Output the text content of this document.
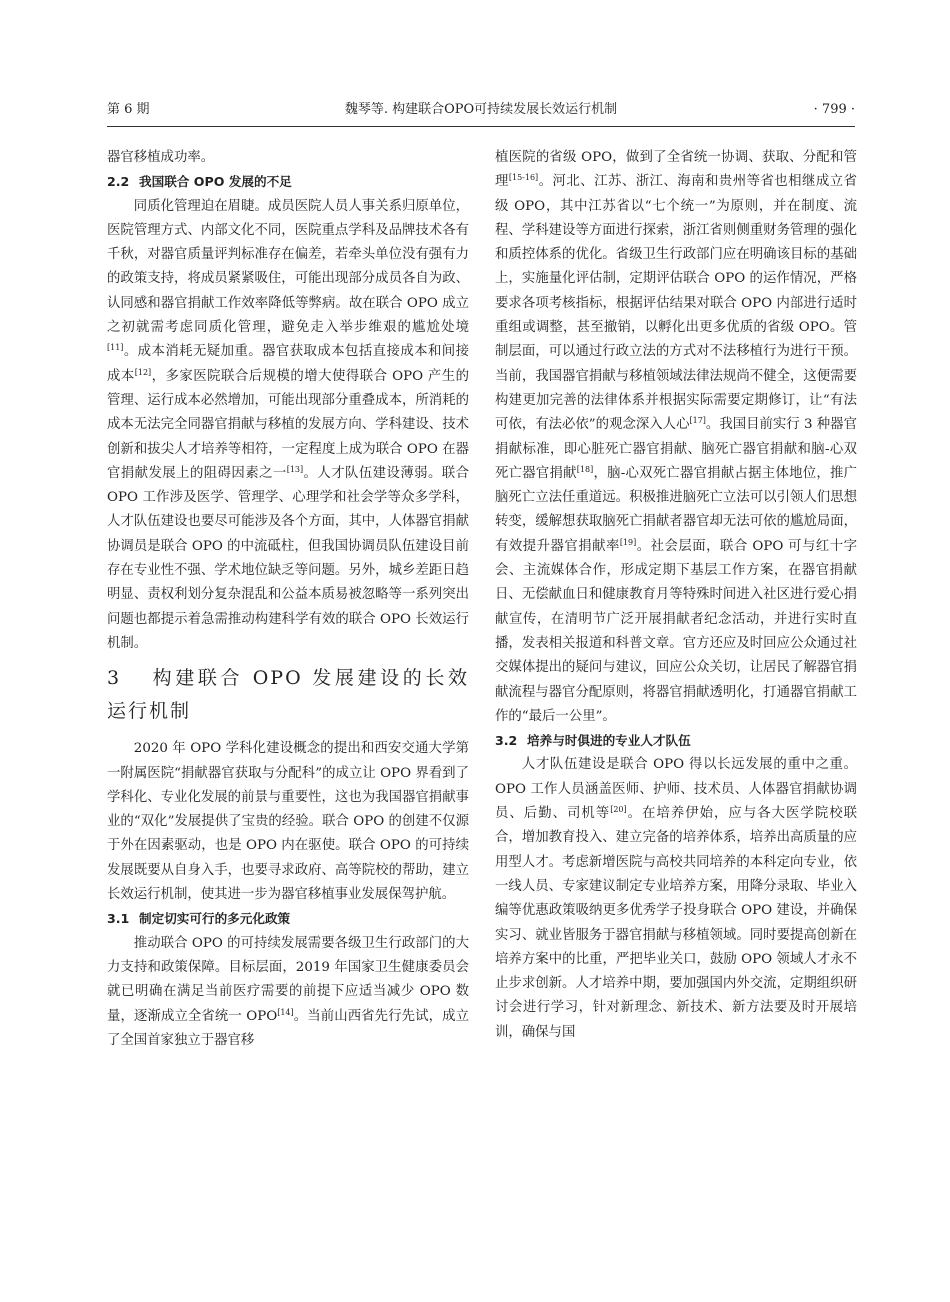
第 6 期	魏琴等. 构建联合OPO可持续发展长效运行机制	· 799 ·

器官移植成功率。

2.2 我国联合 OPO 发展的不足

同质化管理迫在眉睫。成员医院人员人事关系归原单位，医院管理方式、内部文化不同，医院重点学科及品牌技术各有千秋，对器官质量评判标准存在偏差，若牵头单位没有强有力的政策支持，将成员紧紧吸住，可能出现部分成员各自为政、认同感和器官捐献工作效率降低等弊病。故在联合 OPO 成立之初就需考虑同质化管理，避免走入举步维艰的尴尬处境[11]。成本消耗无疑加重。器官获取成本包括直接成本和间接成本[12]，多家医院联合后规模的增大使得联合 OPO 产生的管理、运行成本必然增加，可能出现部分重叠成本，所消耗的成本无法完全同器官捐献与移植的发展方向、学科建设、技术创新和拔尖人才培养等相符，一定程度上成为联合 OPO 在器官捐献发展上的阻碍因素之一[13]。人才队伍建设薄弱。联合 OPO 工作涉及医学、管理学、心理学和社会学等众多学科，人才队伍建设也要尽可能涉及各个方面，其中，人体器官捐献协调员是联合 OPO 的中流砥柱，但我国协调员队伍建设目前存在专业性不强、学术地位缺乏等问题。另外，城乡差距日趋明显、责权利划分复杂混乱和公益本质易被忽略等一系列突出问题也都提示着急需推动构建科学有效的联合 OPO 长效运行机制。

3 构建联合 OPO 发展建设的长效运行机制

2020 年 OPO 学科化建设概念的提出和西安交通大学第一附属医院“捐献器官获取与分配科”的成立让 OPO 界看到了学科化、专业化发展的前景与重要性，这也为我国器官捐献事业的“双化”发展提供了宝贵的经验。联合 OPO 的创建不仅源于外在因素驱动，也是 OPO 内在驱使。联合 OPO 的可持续发展既要从自身入手，也要寻求政府、高等院校的帮助，建立长效运行机制，使其进一步为器官移植事业发展保驾护航。

3.1 制定切实可行的多元化政策

推动联合 OPO 的可持续发展需要各级卫生行政部门的大力支持和政策保障。目标层面，2019 年国家卫生健康委员会就已明确在满足当前医疗需要的前提下应适当减少 OPO 数量，逐渐成立全省统一 OPO[14]。当前山西省先行先试，成立了全国首家独立于器官移

植医院的省级 OPO，做到了全省统一协调、获取、分配和管理[15-16]。河北、江苏、浙江、海南和贵州等省也相继成立省级 OPO，其中江苏省以“七个统一”为原则，并在制度、流程、学科建设等方面进行探索，浙江省则侧重财务管理的强化和质控体系的优化。省级卫生行政部门应在明确该目标的基础上，实施量化评估制，定期评估联合 OPO 的运作情况，严格要求各项考核指标，根据评估结果对联合 OPO 内部进行适时重组或调整，甚至撤销，以孵化出更多优质的省级 OPO。管制层面，可以通过行政立法的方式对不法移植行为进行干预。当前，我国器官捐献与移植领域法律法规尚不健全，这便需要构建更加完善的法律体系并根据实际需要定期修订，让“有法可依，有法必依”的观念深入人心[17]。我国目前实行 3 种器官捐献标准，即心脏死亡器官捐献、脑死亡器官捐献和脑-心双死亡器官捐献[18]，脑-心双死亡器官捐献占据主体地位，推广脑死亡立法任重道远。积极推进脑死亡立法可以引领人们思想转变，缓解想获取脑死亡捐献者器官却无法可依的尴尬局面，有效提升器官捐献率[19]。社会层面，联合 OPO 可与红十字会、主流媒体合作，形成定期下基层工作方案，在器官捐献日、无偿献血日和健康教育月等特殊时间进入社区进行爱心捐献宣传，在清明节广泛开展捐献者纪念活动，并进行实时直播，发表相关报道和科普文章。官方还应及时回应公众通过社交媒体提出的疑问与建议，回应公众关切，让居民了解器官捐献流程与器官分配原则，将器官捐献透明化，打通器官捐献工作的“最后一公里”。

3.2 培养与时俱进的专业人才队伍

人才队伍建设是联合 OPO 得以长远发展的重中之重。OPO 工作人员涵盖医师、护师、技术员、人体器官捐献协调员、后勤、司机等[20]。在培养伊始，应与各大医学院校联合，增加教育投入、建立完备的培养体系，培养出高质量的应用型人才。考虑新增医院与高校共同培养的本科定向专业，依一线人员、专家建议制定专业培养方案，用降分录取、毕业入编等优惠政策吸纳更多优秀学子投身联合 OPO 建设，并确保实习、就业皆服务于器官捐献与移植领域。同时要提高创新在培养方案中的比重，严把毕业关口，鼓励 OPO 领域人才永不止步求创新。人才培养中期，要加强国内外交流，定期组织研讨会进行学习，针对新理念、新技术、新方法要及时开展培训，确保与国
